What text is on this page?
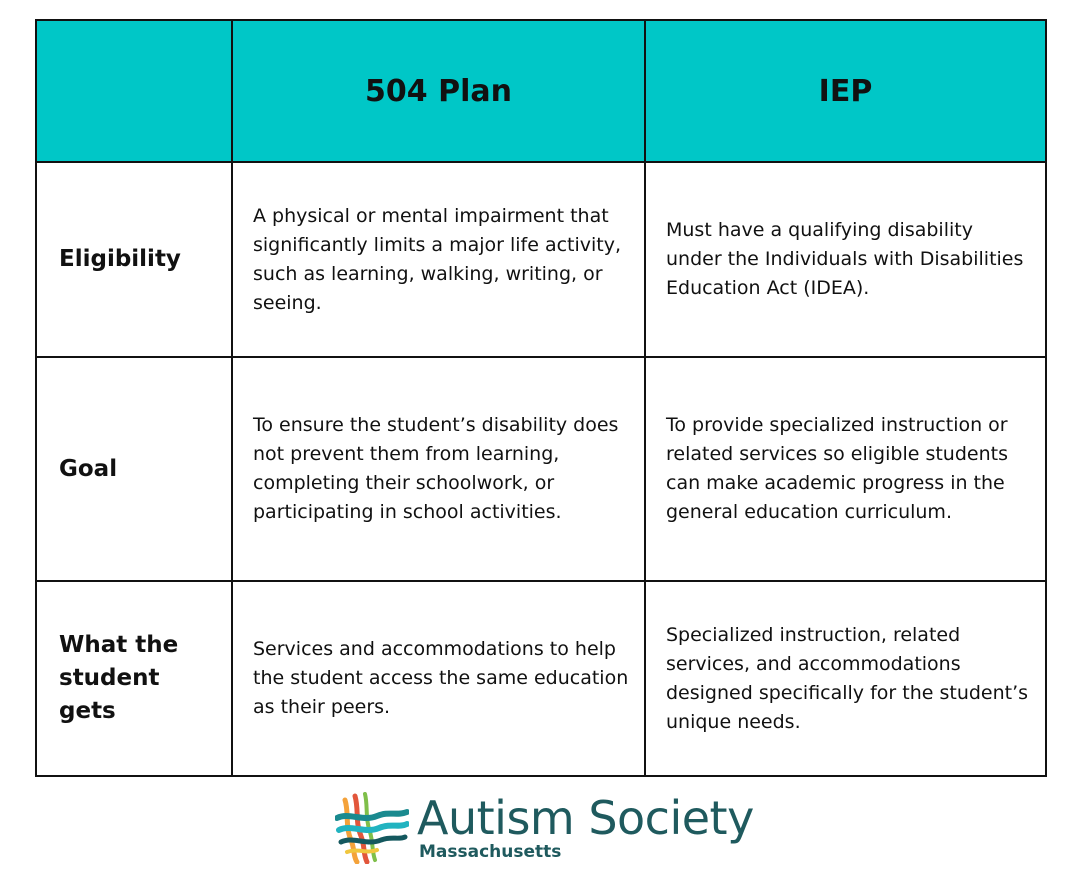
	504 Plan	IEP
Eligibility	A physical or mental impairment that significantly limits a major life activity, such as learning, walking, writing, or seeing.	Must have a qualifying disability under the Individuals with Disabilities Education Act (IDEA).
Goal	To ensure the student’s disability does not prevent them from learning, completing their schoolwork, or participating in school activities.	To provide specialized instruction or related services so eligible students can make academic progress in the general education curriculum.
What the student gets	Services and accommodations to help the student access the same education as their peers.	Specialized instruction, related services, and accommodations designed specifically for the student’s unique needs.
Autism Society
Massachusetts
